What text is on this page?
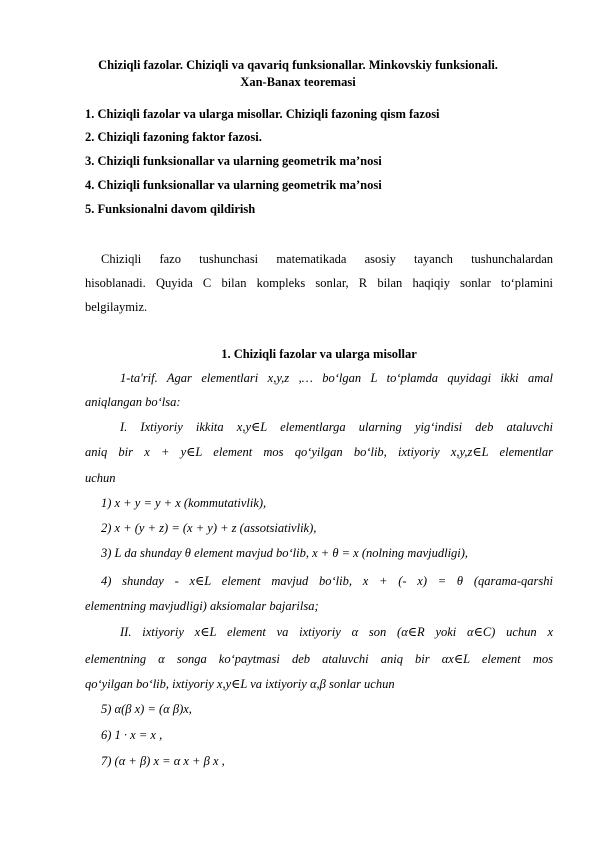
Chiziqli fazolar. Chiziqli va qavariq funksionallar. Minkovskiy funksionali.
Xan-Banax teoremasi
1. Chiziqli fazolar va ularga misollar. Chiziqli fazoning qism fazosi
2. Chiziqli fazoning faktor fazosi.
3. Chiziqli funksionallar va ularning geometrik ma’nosi
4. Chiziqli funksionallar va ularning geometrik ma’nosi
5. Funksionalni davom qildirish
Chiziqli fazo tushunchasi matematikada asosiy tayanch tushunchalardan
hisoblanadi. Quyida C bilan kompleks sonlar, R bilan haqiqiy sonlar to‘plamini
belgilaymiz.
1. Chiziqli fazolar va ularga misollar
1-ta'rif. Agar elementlari x,y,z ,… bo‘lgan L to‘plamda quyidagi ikki amal
aniqlangan bo‘lsa:
I. Ixtiyoriy ikkita x,y∈L elementlarga ularning yig‘indisi deb ataluvchi
aniq bir x + y∈L element mos qo‘yilgan bo‘lib, ixtiyoriy x,y,z∈L elementlar
uchun
1) x + y = y + x (kommutativlik),
2) x + (y + z) = (x + y) + z (assotsiativlik),
3) L da shunday θ element mavjud bo‘lib, x + θ = x (nolning mavjudligi),
4) shunday - x∈L element mavjud bo‘lib, x + (- x) = θ (qarama-qarshi
elementning mavjudligi) aksiomalar bajarilsa;
II. ixtiyoriy x∈L element va ixtiyoriy α son (α∈R yoki α∈C) uchun x
elementning α songa ko‘paytmasi deb ataluvchi aniq bir αx∈L element mos
qo‘yilgan bo‘lib, ixtiyoriy x,y∈L va ixtiyoriy α,β sonlar uchun
5) α(β x) = (α β)x,
6) 1 · x = x ,
7) (α + β) x = α x + β x ,
